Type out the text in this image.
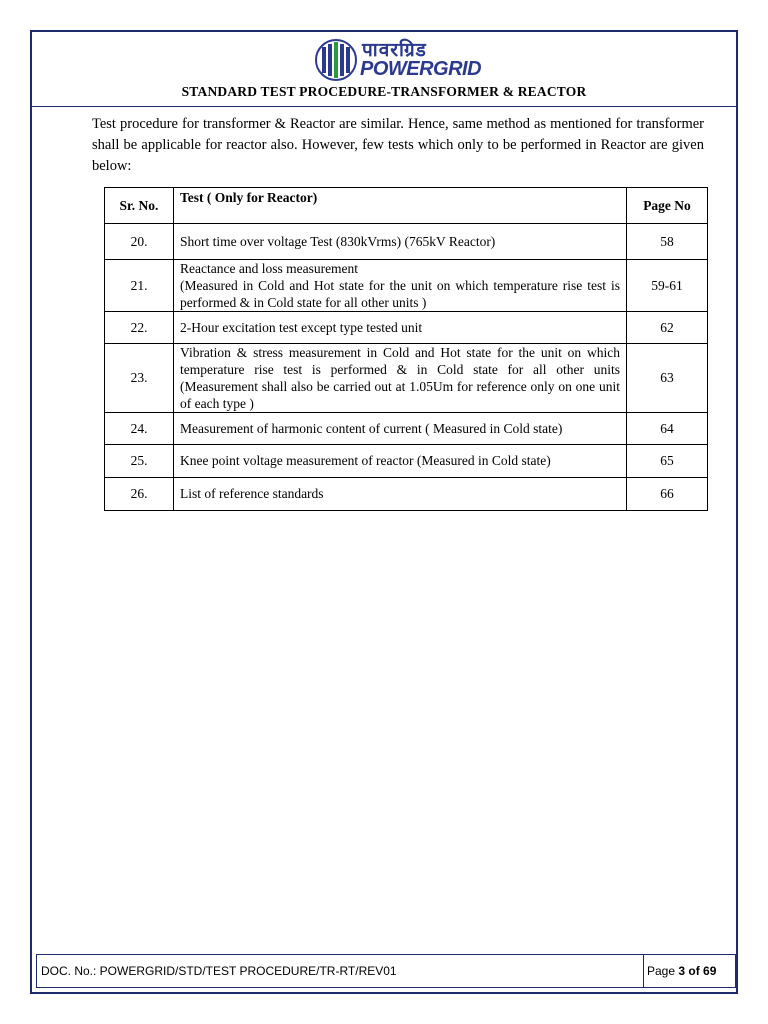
पावरग्रिड
POWERGRID
STANDARD TEST PROCEDURE-TRANSFORMER & REACTOR

Test procedure for transformer & Reactor are similar. Hence, same method as mentioned for transformer shall be applicable for reactor also. However, few tests which only to be performed in Reactor are given below:

Sr. No.	Test ( Only for Reactor)	Page No
20.	Short time over voltage Test (830kVrms) (765kV Reactor)	58
21.	Reactance and loss measurement
(Measured in Cold and Hot state for the unit on which temperature rise test is performed & in Cold state for all other units )	59-61
22.	2-Hour excitation test except type tested unit	62
23.	Vibration & stress measurement in Cold and Hot state for the unit on which temperature rise test is performed & in Cold state for all other units (Measurement shall also be carried out at 1.05Um for reference only on one unit of each type )	63
24.	Measurement of harmonic content of current ( Measured in Cold state)	64
25.	Knee point voltage measurement of reactor (Measured in Cold state)	65
26.	List of reference standards	66
DOC. No.: POWERGRID/STD/TEST PROCEDURE/TR-RT/REV01	Page 3 of 69
